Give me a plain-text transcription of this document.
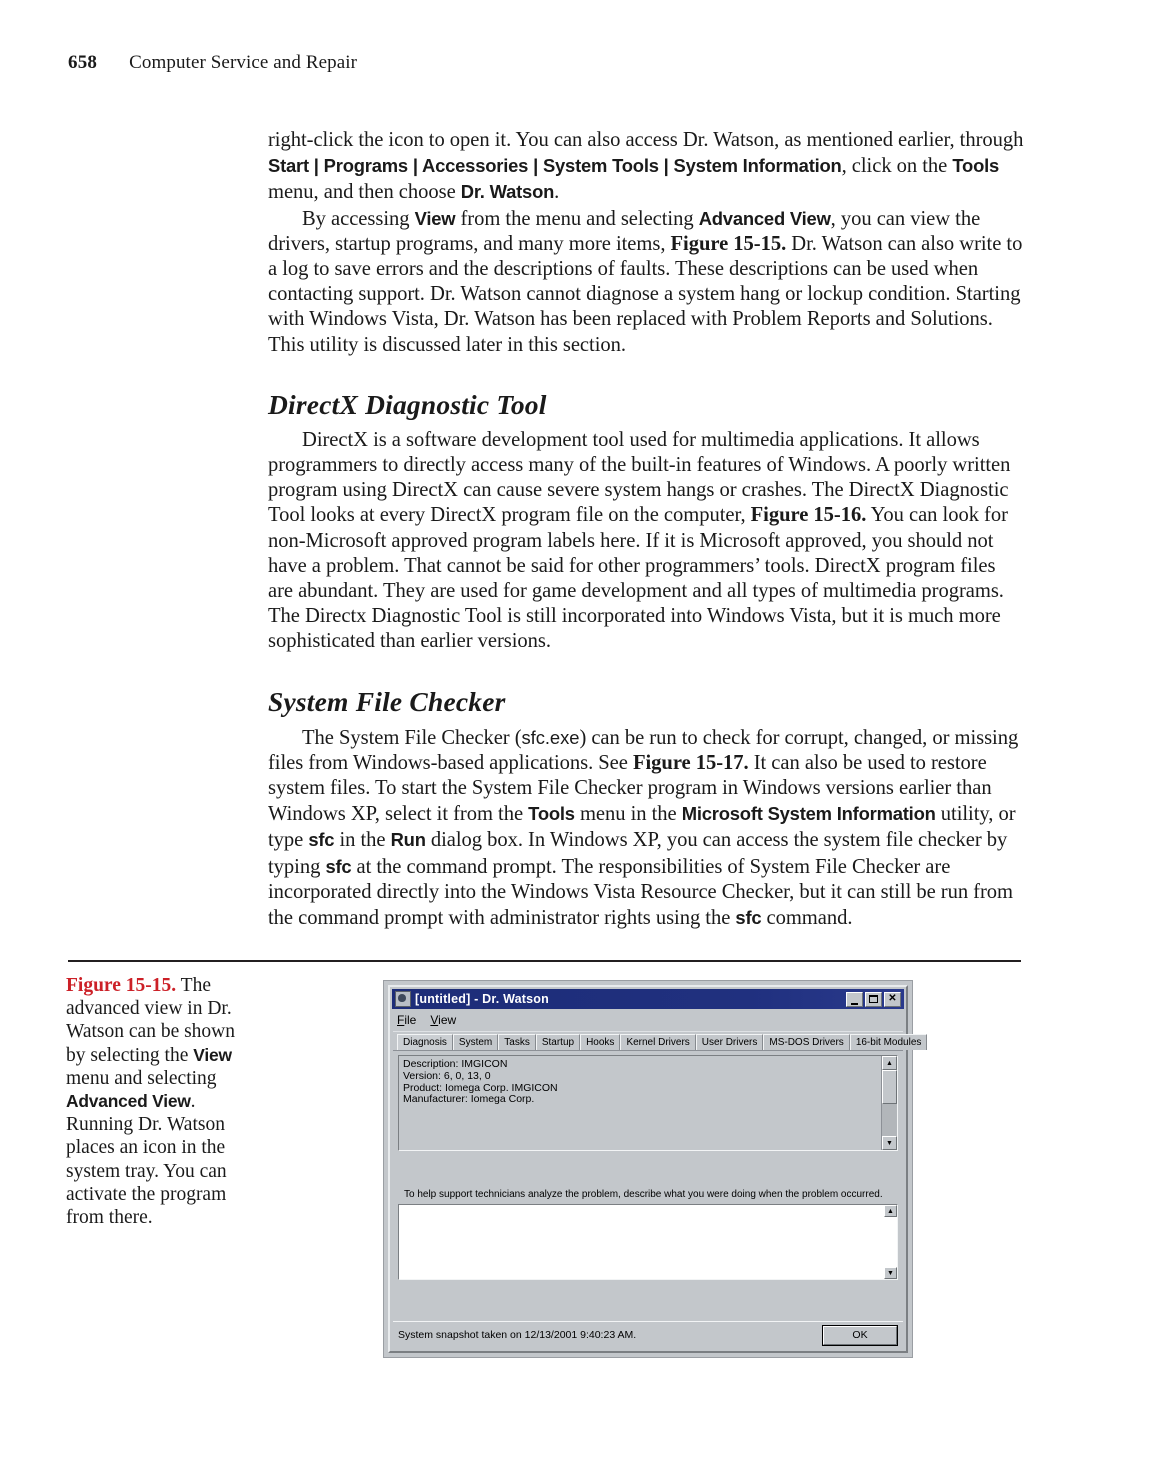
658 Computer Service and Repair

right-click the icon to open it. You can also access Dr. Watson, as mentioned earlier, through Start | Programs | Accessories | System Tools | System Information, click on the Tools menu, and then choose Dr. Watson.

By accessing View from the menu and selecting Advanced View, you can view the drivers, startup programs, and many more items, Figure 15-15. Dr. Watson can also write to a log to save errors and the descriptions of faults. These descriptions can be used when contacting support. Dr. Watson cannot diagnose a system hang or lockup condition. Starting with Windows Vista, Dr. Watson has been replaced with Problem Reports and Solutions. This utility is discussed later in this section.

DirectX Diagnostic Tool

DirectX is a software development tool used for multimedia applications. It allows programmers to directly access many of the built-in features of Windows. A poorly written program using DirectX can cause severe system hangs or crashes. The DirectX Diagnostic Tool looks at every DirectX program file on the computer, Figure 15-16. You can look for non-Microsoft approved program labels here. If it is Microsoft approved, you should not have a problem. That cannot be said for other programmers’ tools. DirectX program files are abundant. They are used for game development and all types of multimedia programs. The Directx Diagnostic Tool is still incorporated into Windows Vista, but it is much more sophisticated than earlier versions.

System File Checker

The System File Checker (sfc.exe) can be run to check for corrupt, changed, or missing files from Windows-based applications. See Figure 15-17. It can also be used to restore system files. To start the System File Checker program in Windows versions earlier than Windows XP, select it from the Tools menu in the Microsoft System Information utility, or type sfc in the Run dialog box. In Windows XP, you can access the system file checker by typing sfc at the command prompt. The responsibilities of System File Checker are incorporated directly into the Windows Vista Resource Checker, but it can still be run from the command prompt with administrator rights using the sfc command.

Figure 15-15. The advanced view in Dr. Watson can be shown by selecting the View menu and selecting Advanced View. Running Dr. Watson places an icon in the system tray. You can activate the program from there.
[untitled] - Dr. Watson	✕
File View
Diagnosis	System	Tasks	Startup	Hooks	Kernel Drivers	User Drivers	MS-DOS Drivers	16-bit Modules
Description: IMGICON
Version: 6, 0, 13, 0
Product: Iomega Corp. IMGICON
Manufacturer: Iomega Corp.
▲
▼
To help support technicians analyze the problem, describe what you were doing when the problem occurred.
▲
▼
System snapshot taken on 12/13/2001 9:40:23 AM.	OK
